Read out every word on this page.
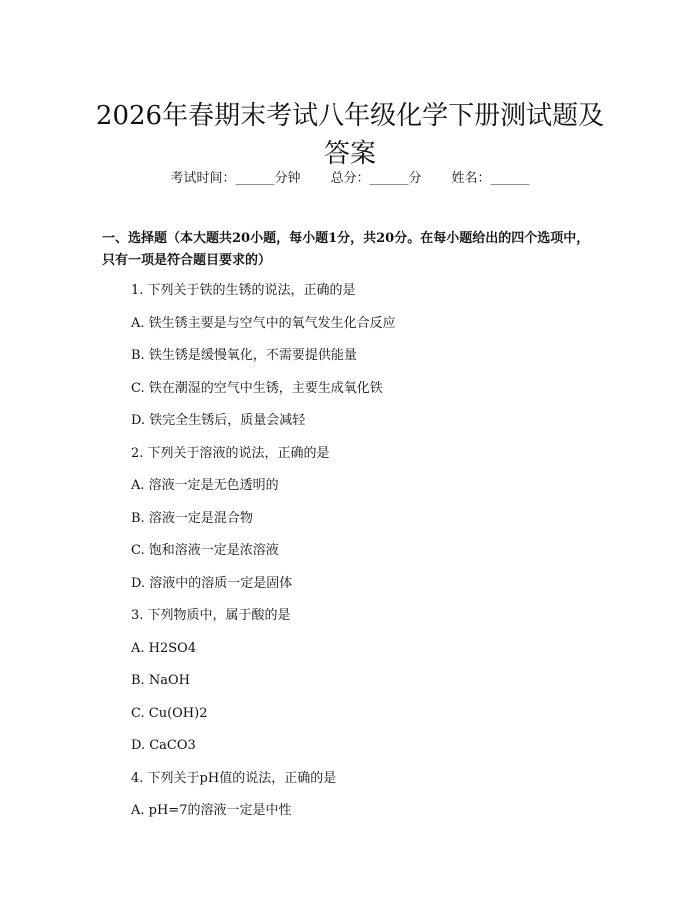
2026年春期末考试八年级化学下册测试题及答案
考试时间：______分钟 总分：______分 姓名：______
一、选择题（本大题共20小题，每小题1分，共20分。在每小题给出的四个选项中，只有一项是符合题目要求的）
1. 下列关于铁的生锈的说法，正确的是
A. 铁生锈主要是与空气中的氧气发生化合反应
B. 铁生锈是缓慢氧化，不需要提供能量
C. 铁在潮湿的空气中生锈，主要生成氧化铁
D. 铁完全生锈后，质量会减轻
2. 下列关于溶液的说法，正确的是
A. 溶液一定是无色透明的
B. 溶液一定是混合物
C. 饱和溶液一定是浓溶液
D. 溶液中的溶质一定是固体
3. 下列物质中，属于酸的是
A. H2SO4
B. NaOH
C. Cu(OH)2
D. CaCO3
4. 下列关于pH值的说法，正确的是
A. pH=7的溶液一定是中性
